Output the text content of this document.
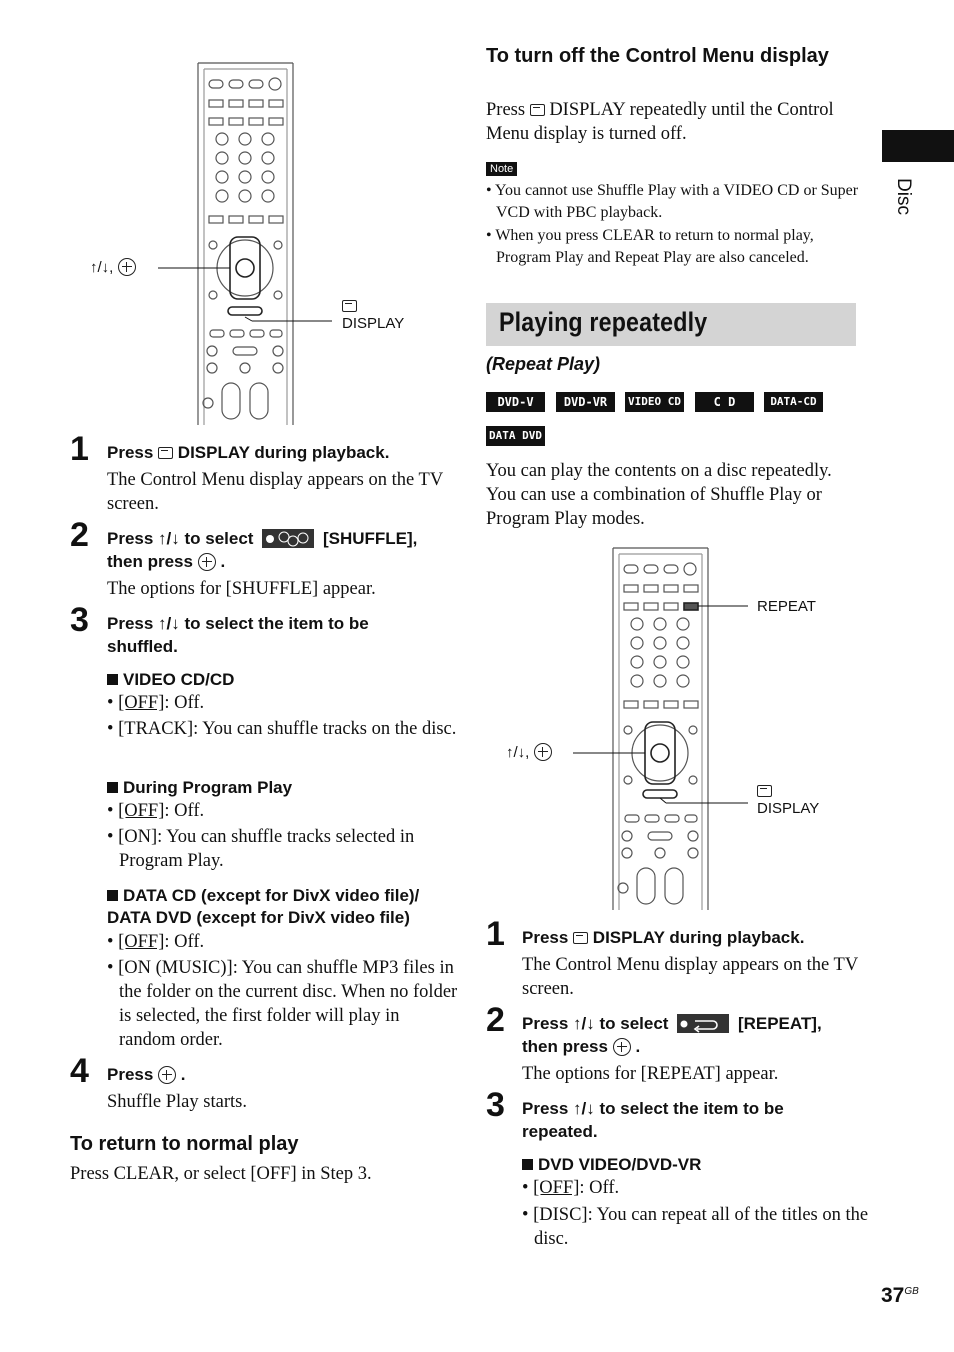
Disc
↑/↓,

DISPLAY
1 Press DISPLAY during playback.
The Control Menu display appears on the TV screen.
2 Press ↑/↓ to select	[SHUFFLE],
then press  .
The options for [SHUFFLE] appear.
3 Press ↑/↓ to select the item to be shuffled.
VIDEO CD/CD
• [OFF]: Off.
• [TRACK]: You can shuffle tracks on the disc.
During Program Play
• [OFF]: Off.
• [ON]: You can shuffle tracks selected in Program Play.
DATA CD (except for DivX video file)/ DATA DVD (except for DivX video file)
• [OFF]: Off.
• [ON (MUSIC)]: You can shuffle MP3 files in the folder on the current disc. When no folder is selected, the first folder will play in random order.
4 Press  .
Shuffle Play starts.
To return to normal play
Press CLEAR, or select [OFF] in Step 3.
To turn off the Control Menu display
Press DISPLAY repeatedly until the Control Menu display is turned off.
Note
• You cannot use Shuffle Play with a VIDEO CD or Super VCD with PBC playback.
• When you press CLEAR to return to normal play, Program Play and Repeat Play are also canceled.
Playing repeatedly
(Repeat Play)
DVD-V	DVD-VR	VIDEO CD	C D	DATA-CD
DATA DVD
You can play the contents on a disc repeatedly. You can use a combination of Shuffle Play or Program Play modes.
REPEAT
↑/↓,

DISPLAY
1 Press DISPLAY during playback.
The Control Menu display appears on the TV screen.
2 Press ↑/↓ to select	[REPEAT],
then press  .
The options for [REPEAT] appear.
3 Press ↑/↓ to select the item to be repeated.
DVD VIDEO/DVD-VR
• [OFF]: Off.
• [DISC]: You can repeat all of the titles on the disc.
$37^{GB}$
